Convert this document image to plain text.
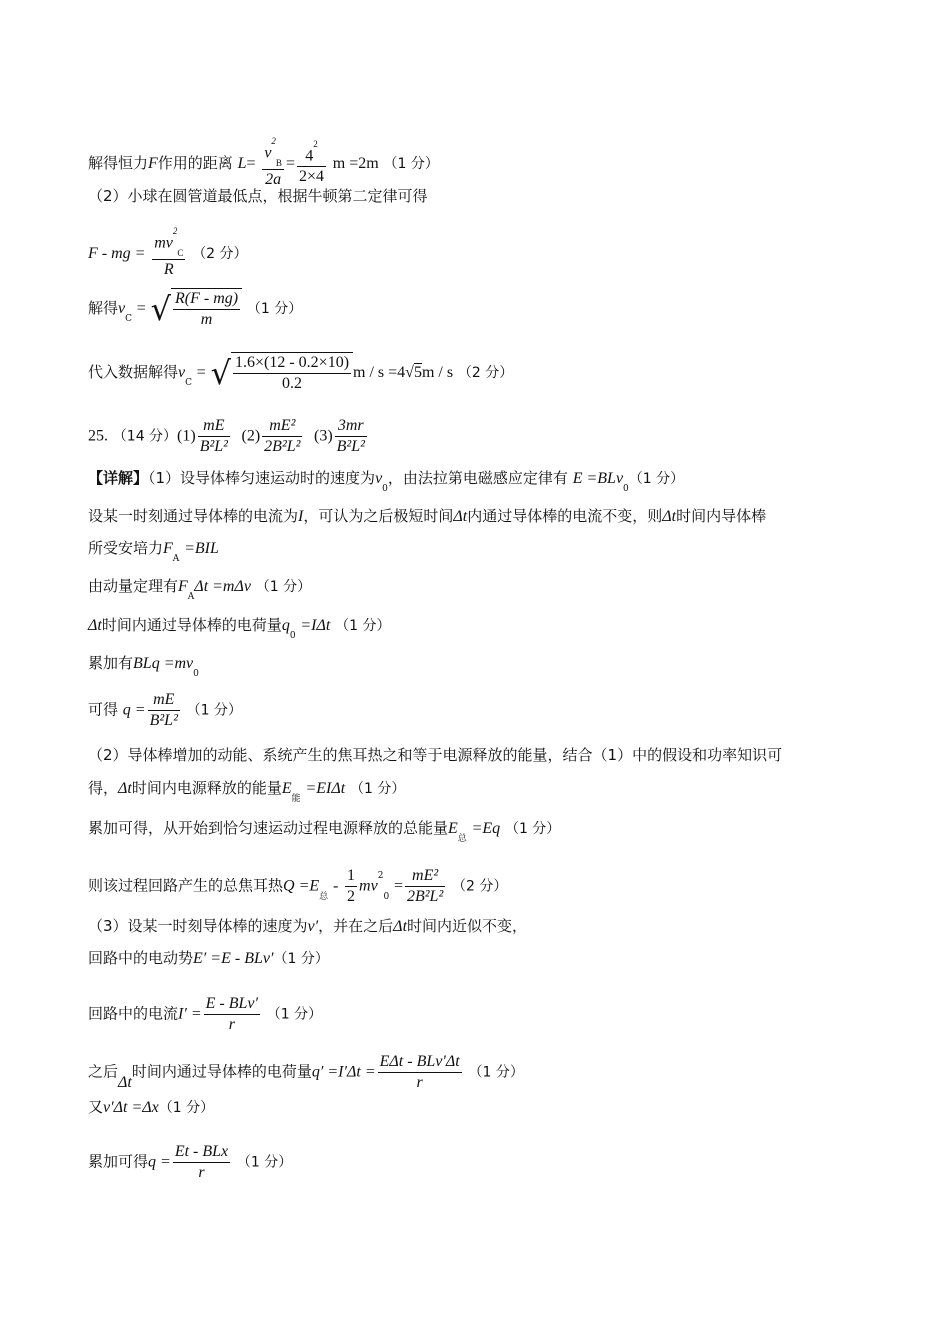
解得恒力F作用的距离 $L= \frac{v^2_B}{2a} = \frac{4^2}{2\times 4}$ m =2m （1 分）
（2）小球在圆管道最低点，根据牛顿第二定律可得
F - mg = $\frac{mv^2_C}{R} (2$ 分）
解得$v_C$ = √ $\frac{R(F - mg)}{m} (1$ 分）
代入数据解得$v_C$ = √ $\frac{1.6\times(12 - 0.2\times 10)}{0.2}$ m / s =4√5m / s （2 分）
25. （14 分）$(1) \frac{mE}{\text{B²L²}} (2) \frac{\text{mE²}}{\text{2B²L²}} (3) \frac{3mr}{\text{B²L²}}$
【详解】（1）设导体棒匀速运动时的速度为$v_0$，由法拉第电磁感应定律有 E =BLv$_0$（1 分）
设某一时刻通过导体棒的电流为I，可认为之后极短时间Δt内通过导体棒的电流不变，则Δt时间内导体棒
所受安培力$F_A =BIL$
由动量定理有$F_A\Delta t =m\Delta v$ （1 分）
Δt时间内通过导体棒的电荷量$q_0 =I\Delta t$ （1 分）
累加有BLq $=mv_0$
可得 $q = \frac{mE}{\text{B²L²}} (1$ 分）
（2）导体棒增加的动能、系统产生的焦耳热之和等于电源释放的能量，结合（1）中的假设和功率知识可
得，Δt时间内电源释放的能量$E_能 =EI\Delta t$ （1 分）
累加可得，从开始到恰匀速运动过程电源释放的总能量$E_总 =Eq$ （1 分）
则该过程回路产生的总焦耳热$Q =E_总 - \frac{1}{2} mv^2_0 = \frac{\text{mE²}}{\text{2B²L²}} (2$ 分）
（3）设某一时刻导体棒的速度为v′，并在之后Δt时间内近似不变，
回路中的电动势E′ =E - BLv′（1 分）
回路中的电流$I' = \frac{\text{E - BLv′}}{r} (1$ 分）
之后Δt时间内通过导体棒的电荷量$q' =I'\Delta t = \frac{\text{EΔt - BLv′Δt}}{r} (1$ 分）
又v′Δt =Δx（1 分）
累加可得$q = \frac{\text{Et - BLx}}{r} (1$ 分）
